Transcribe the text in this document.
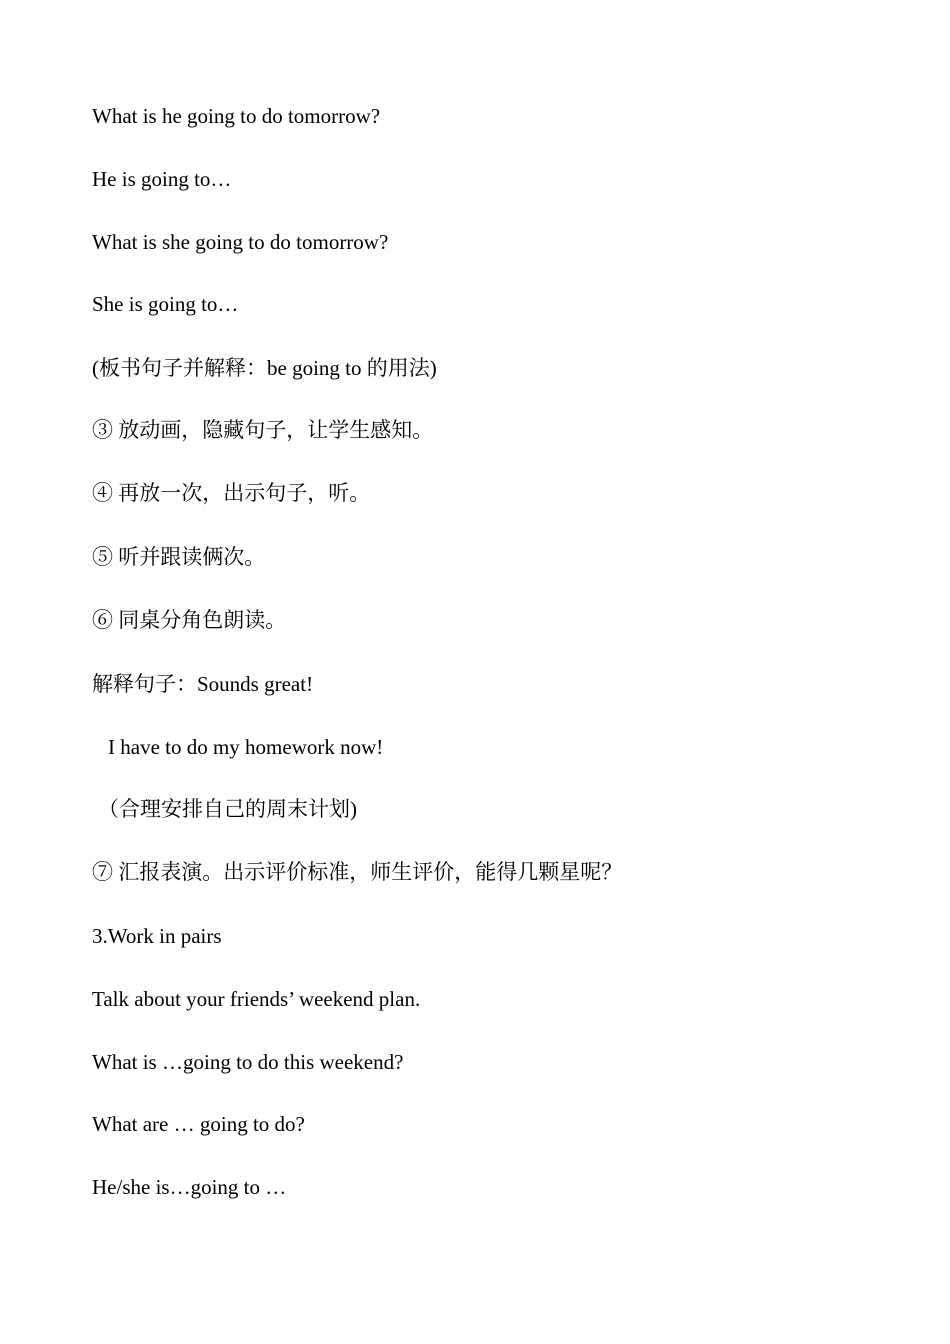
What is he going to do tomorrow?
He is going to…
What is she going to do tomorrow?
She is going to…
(板书句子并解释：be going to 的用法)
③ 放动画，隐藏句子，让学生感知。
④ 再放一次，出示句子，听。
⑤ 听并跟读俩次。
⑥ 同桌分角色朗读。
解释句子：Sounds great!
I have to do my homework now!
（合理安排自己的周末计划)
⑦ 汇报表演。出示评价标准，师生评价，能得几颗星呢？
3.Work in pairs
Talk about your friends’ weekend plan.
What is …going to do this weekend?
What are … going to do?
He/she is…going to …
